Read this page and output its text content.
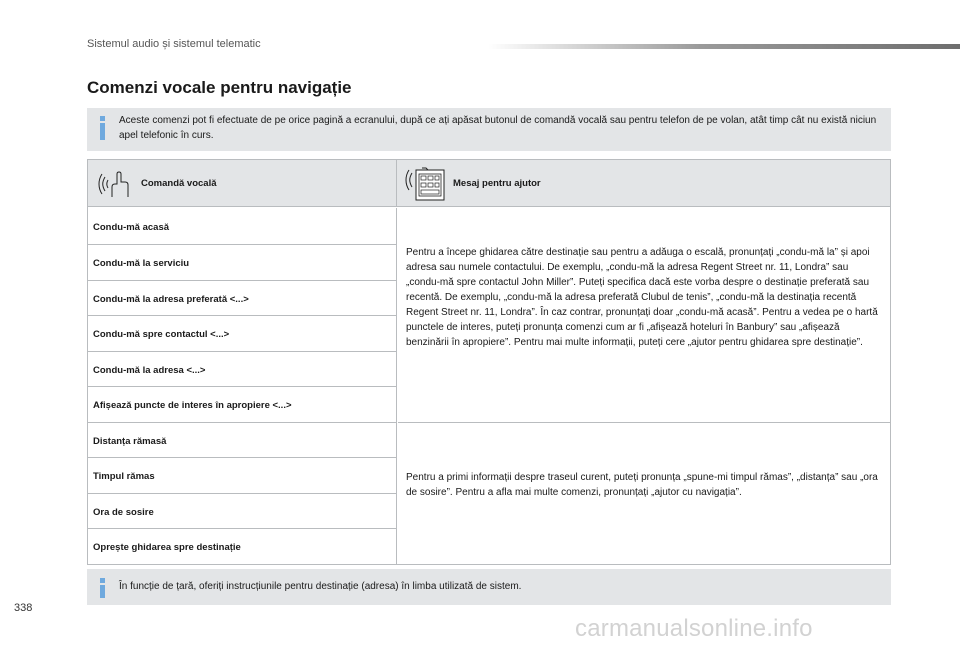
Sistemul audio și sistemul telematic
Comenzi vocale pentru navigație

Aceste comenzi pot fi efectuate de pe orice pagină a ecranului, după ce ați apăsat butonul de comandă vocală sau pentru telefon de pe volan, atât timp cât nu există niciun apel telefonic în curs.

Comandă vocală	Mesaj pentru ajutor
Condu-mă acasă
Condu-mă la serviciu
Condu-mă la adresa preferată <...>
Condu-mă spre contactul <...>
Condu-mă la adresa <...>
Afișează puncte de interes în apropiere <...>
Distanța rămasă
Timpul rămas
Ora de sosire
Oprește ghidarea spre destinație

Pentru a începe ghidarea către destinație sau pentru a adăuga o escală, pronunțați „condu-mă la” și apoi adresa sau numele contactului. De exemplu, „condu-mă la adresa Regent Street nr. 11, Londra” sau „condu-mă spre contactul John Miller”. Puteți specifica dacă este vorba despre o destinație preferată sau recentă. De exemplu, „condu-mă la adresa preferată Clubul de tenis”, „condu-mă la destinația recentă Regent Street nr. 11, Londra”. În caz contrar, pronunțați doar „condu-mă acasă”. Pentru a vedea pe o hartă punctele de interes, puteți pronunța comenzi cum ar fi „afișează hoteluri în Banbury” sau „afișează benzinării în apropiere”. Pentru mai multe informații, puteți cere „ajutor pentru ghidarea spre destinație”.

Pentru a primi informații despre traseul curent, puteți pronunța „spune-mi timpul rămas”, „distanța” sau „ora de sosire”. Pentru a afla mai multe comenzi, pronunțați „ajutor cu navigația”.

În funcție de țară, oferiți instrucțiunile pentru destinație (adresa) în limba utilizată de sistem.

338
carmanualsonline.info
